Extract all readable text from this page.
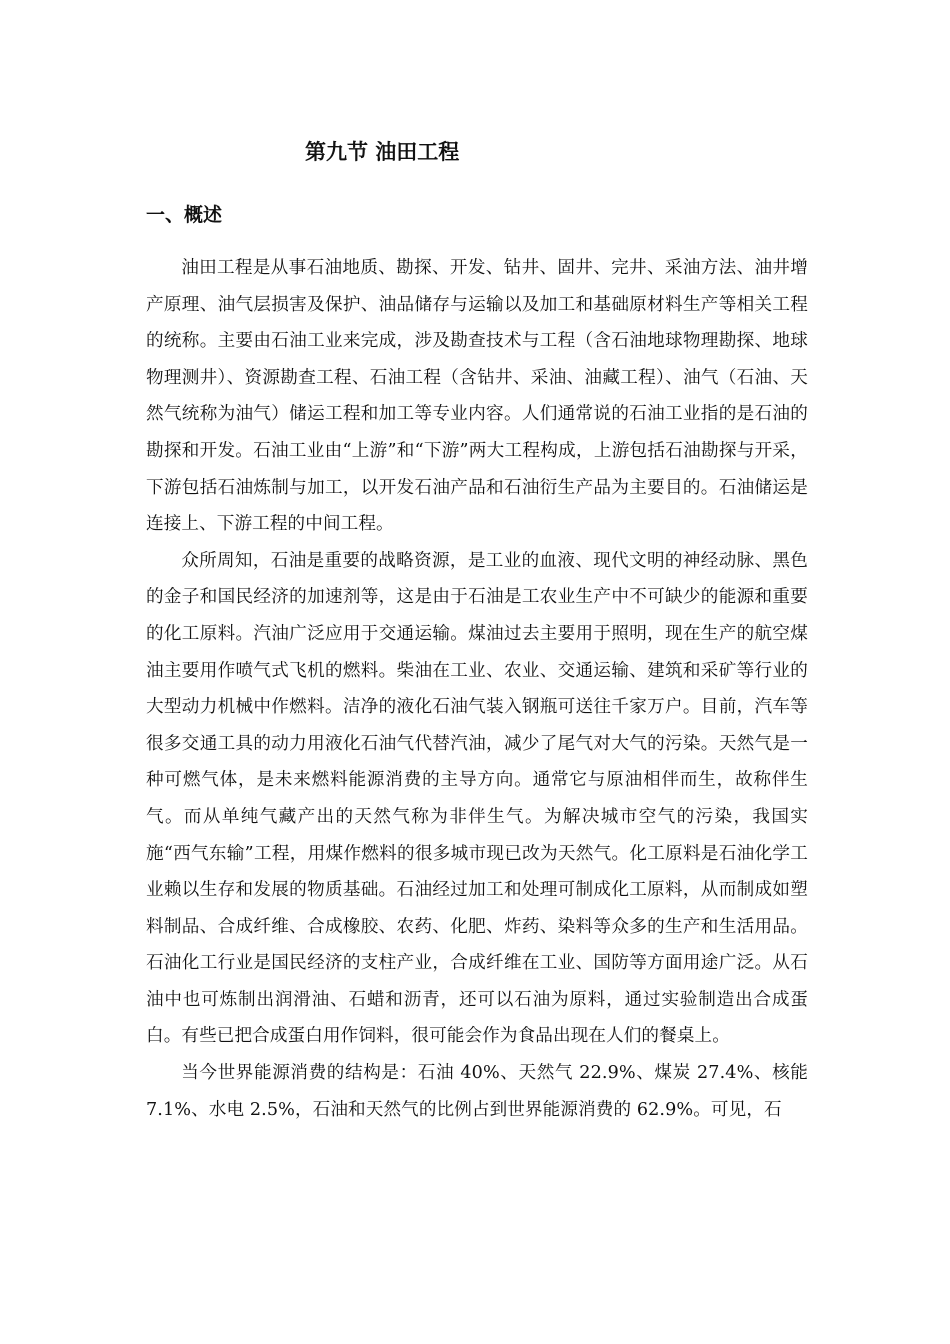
第九节 油田工程
一、概述

油田工程是从事石油地质、勘探、开发、钻井、固井、完井、采油方法、油井增产原理、油气层损害及保护、油品储存与运输以及加工和基础原材料生产等相关工程的统称。主要由石油工业来完成，涉及勘查技术与工程（含石油地球物理勘探、地球物理测井）、资源勘查工程、石油工程（含钻井、采油、油藏工程）、油气（石油、天然气统称为油气）储运工程和加工等专业内容。人们通常说的石油工业指的是石油的勘探和开发。石油工业由“上游”和“下游”两大工程构成，上游包括石油勘探与开采，下游包括石油炼制与加工，以开发石油产品和石油衍生产品为主要目的。石油储运是连接上、下游工程的中间工程。

众所周知，石油是重要的战略资源，是工业的血液、现代文明的神经动脉、黑色的金子和国民经济的加速剂等，这是由于石油是工农业生产中不可缺少的能源和重要的化工原料。汽油广泛应用于交通运输。煤油过去主要用于照明，现在生产的航空煤油主要用作喷气式飞机的燃料。柴油在工业、农业、交通运输、建筑和采矿等行业的大型动力机械中作燃料。洁净的液化石油气装入钢瓶可送往千家万户。目前，汽车等很多交通工具的动力用液化石油气代替汽油，减少了尾气对大气的污染。天然气是一种可燃气体，是未来燃料能源消费的主导方向。通常它与原油相伴而生，故称伴生气。而从单纯气藏产出的天然气称为非伴生气。为解决城市空气的污染，我国实施“西气东输”工程，用煤作燃料的很多城市现已改为天然气。化工原料是石油化学工业赖以生存和发展的物质基础。石油经过加工和处理可制成化工原料，从而制成如塑料制品、合成纤维、合成橡胶、农药、化肥、炸药、染料等众多的生产和生活用品。石油化工行业是国民经济的支柱产业，合成纤维在工业、国防等方面用途广泛。从石油中也可炼制出润滑油、石蜡和沥青，还可以石油为原料，通过实验制造出合成蛋白。有些已把合成蛋白用作饲料，很可能会作为食品出现在人们的餐桌上。

当今世界能源消费的结构是：石油 40%、天然气 22.9%、煤炭 27.4%、核能 7.1%、水电 2.5%，石油和天然气的比例占到世界能源消费的 62.9%。可见，石
